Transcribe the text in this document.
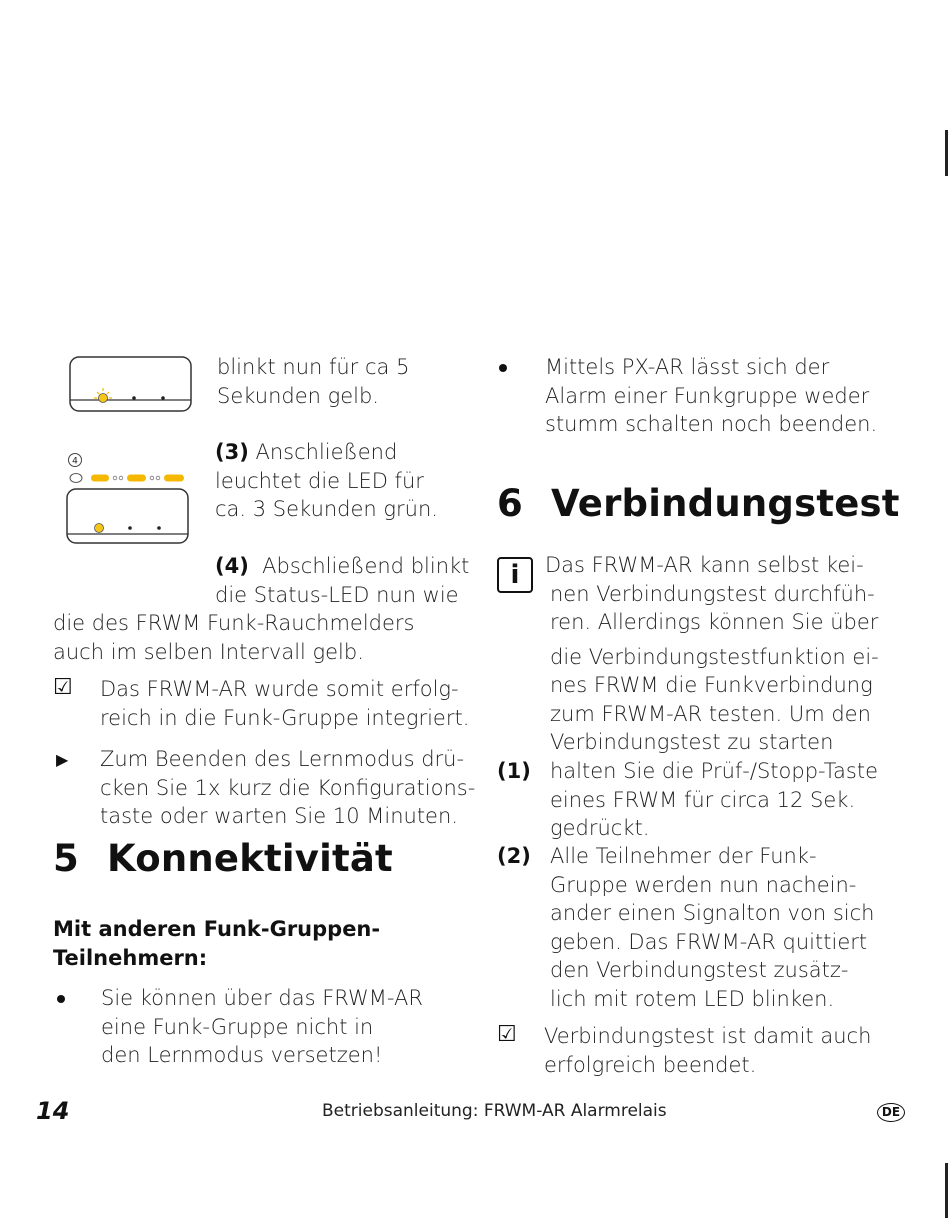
blinkt nun für ca 5
Sekunden gelb.
4	(3) Anschließend
leuchtet die LED für
ca. 3 Sekunden grün.
(4) Abschließend blinkt
die Status-LED nun wie
die des FRWM Funk-Rauchmelders
auch im selben Intervall gelb.
☑ Das FRWM-AR wurde somit erfolg-
reich in die Funk-Gruppe integriert.
▶ Zum Beenden des Lernmodus drü-
cken Sie 1x kurz die Konfigurations-
taste oder warten Sie 10 Minuten.
5 Konnektivität
Mit anderen Funk-Gruppen-
Teilnehmern:
Sie können über das FRWM-AR
eine Funk-Gruppe nicht in
den Lernmodus versetzen!
Mittels PX-AR lässt sich der
Alarm einer Funkgruppe weder
stumm schalten noch beenden.
6 Verbindungstest
i	Das FRWM-AR kann selbst kei-
nen Verbindungstest durchfüh-
ren. Allerdings können Sie über
die Verbindungstestfunktion ei-
nes FRWM die Funkverbindung
zum FRWM-AR testen. Um den
Verbindungstest zu starten
(1) halten Sie die Prüf-/Stopp-Taste
eines FRWM für circa 12 Sek.
gedrückt.
(2) Alle Teilnehmer der Funk-
Gruppe werden nun nachein-
ander einen Signalton von sich
geben. Das FRWM-AR quittiert
den Verbindungstest zusätz-
lich mit rotem LED blinken.
☑ Verbindungstest ist damit auch
erfolgreich beendet.
14	Betriebsanleitung: FRWM-AR Alarmrelais	DE
